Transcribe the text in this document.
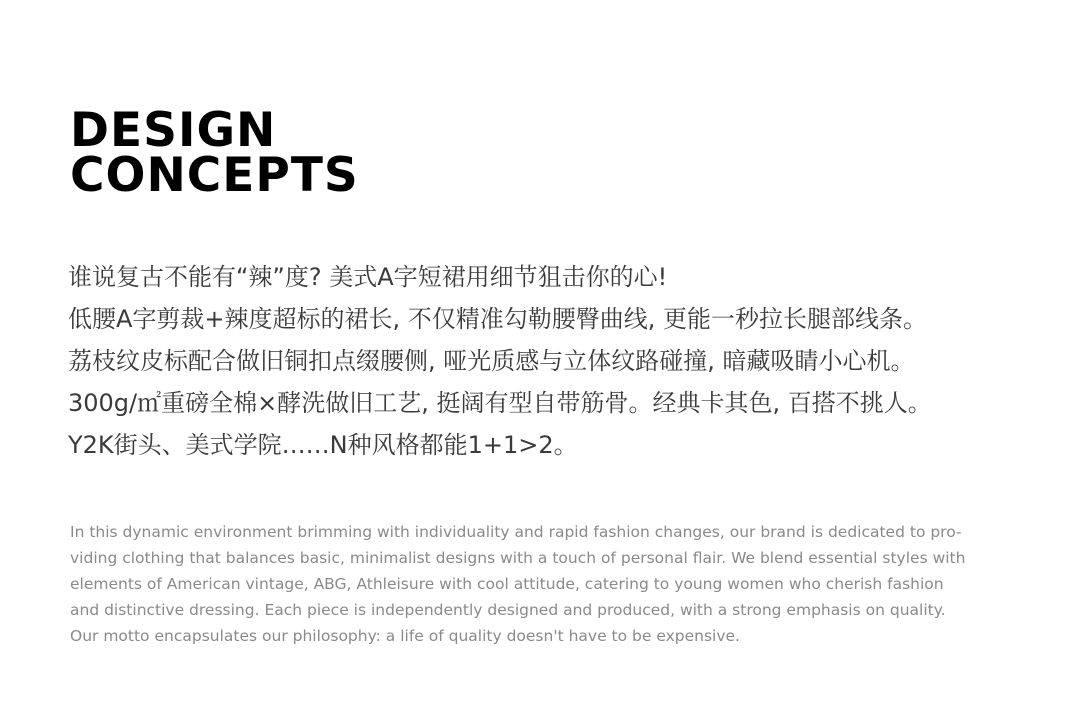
DESIGN
CONCEPTS
谁说复古不能有“辣”度? 美式A字短裙用细节狙击你的心!
低腰A字剪裁+辣度超标的裙长, 不仅精准勾勒腰臀曲线, 更能一秒拉长腿部线条。
荔枝纹皮标配合做旧铜扣点缀腰侧, 哑光质感与立体纹路碰撞, 暗藏吸睛小心机。
300g/㎡重磅全棉×酵洗做旧工艺, 挺阔有型自带筋骨。经典卡其色, 百搭不挑人。
Y2K街头、美式学院……N种风格都能1+1>2。
In this dynamic environment brimming with individuality and rapid fashion changes, our brand is dedicated to pro-
viding clothing that balances basic, minimalist designs with a touch of personal flair. We blend essential styles with
elements of American vintage, ABG, Athleisure with cool attitude, catering to young women who cherish fashion
and distinctive dressing. Each piece is independently designed and produced, with a strong emphasis on quality.
Our motto encapsulates our philosophy: a life of quality doesn't have to be expensive.
